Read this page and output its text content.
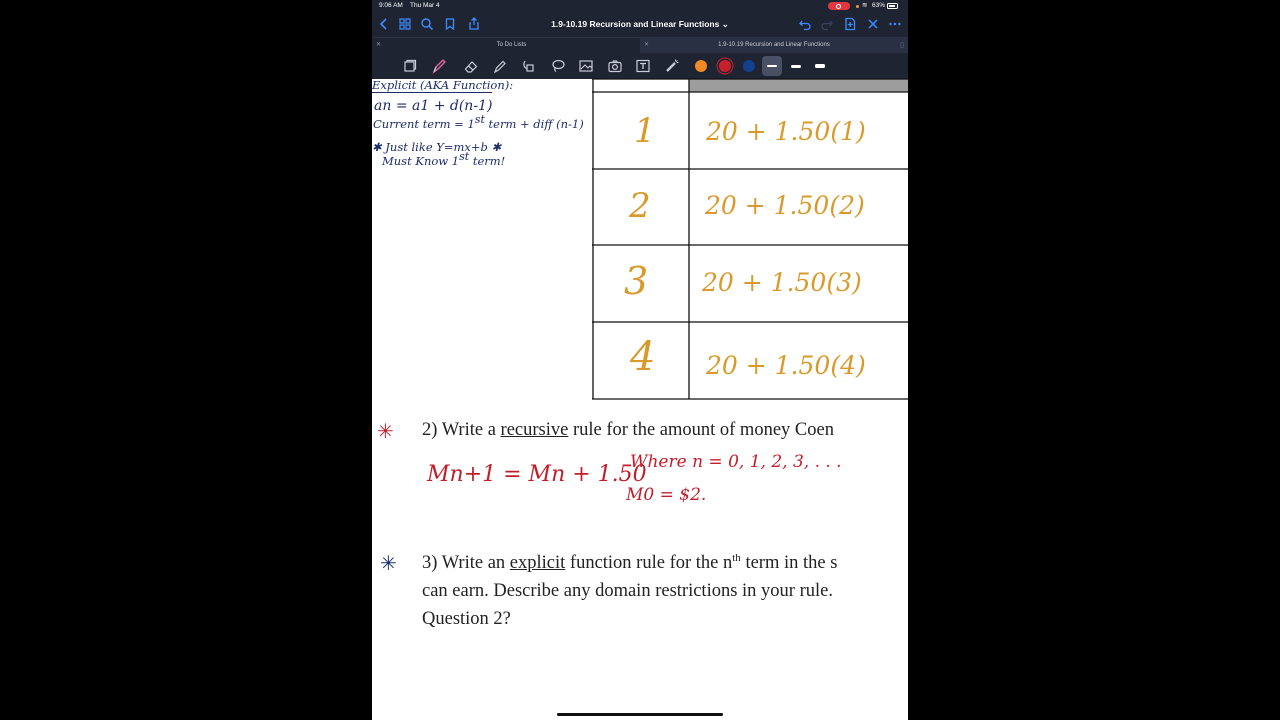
9:06 AM Thu Mar 4	≋ 63%
1.9-10.19 Recursion and Linear Functions ⌄
✕	To Do Lists	✕	1.9-10.19 Recursion and Linear Functions	▯
Explicit (AKA Function):
an = a1 + d(n-1)
Current term = 1st term + diff (n-1)
✱ Just like Y=mx+b ✱
Must Know 1st term!
1 20 + 1.50(1)
2 20 + 1.50(2)
3 20 + 1.50(3)
4 20 + 1.50(4)
✳ 2) Write a recursive rule for the amount of money Coen
Mn+1 = Mn + 1.50
Where n = 0, 1, 2, 3, . . .
M0 = $2.
✳ 3) Write an explicit function rule for the $n^{th}$ term in the s
can earn. Describe any domain restrictions in your rule.
Question 2?
